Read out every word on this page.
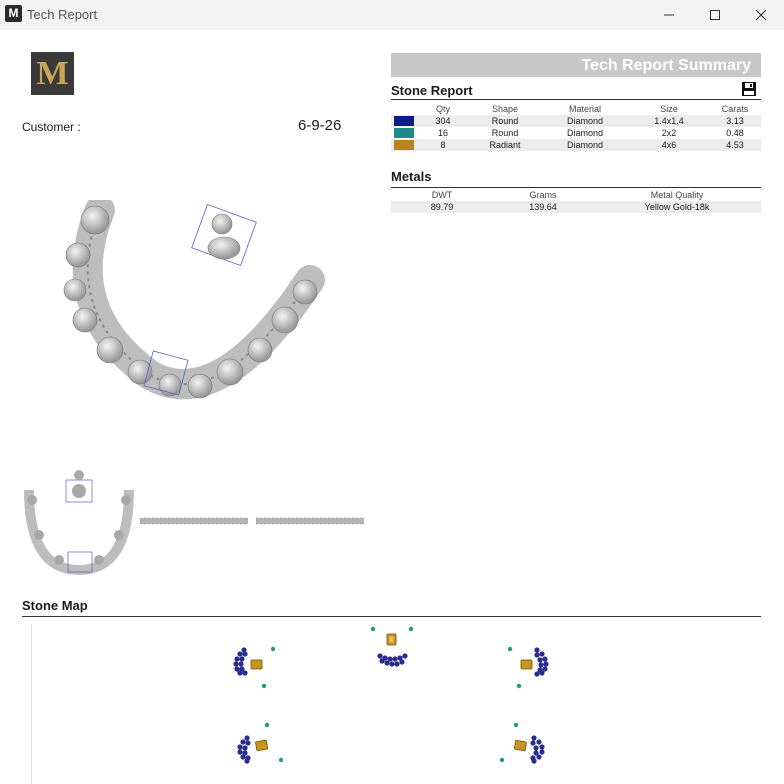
M Tech Report
M
Customer :	6-9-26
Tech Report Summary
Stone Report
	Qty	Shape	Material	Size	Carats
	304	Round	Diamond	1.4x1.4	3.13
	16	Round	Diamond	2x2	0.48
	8	Radiant	Diamond	4x6	4.53
Metals
DWT	Grams	Metal Quality
89.79	139.64	Yellow Gold-18k
Stone Map
